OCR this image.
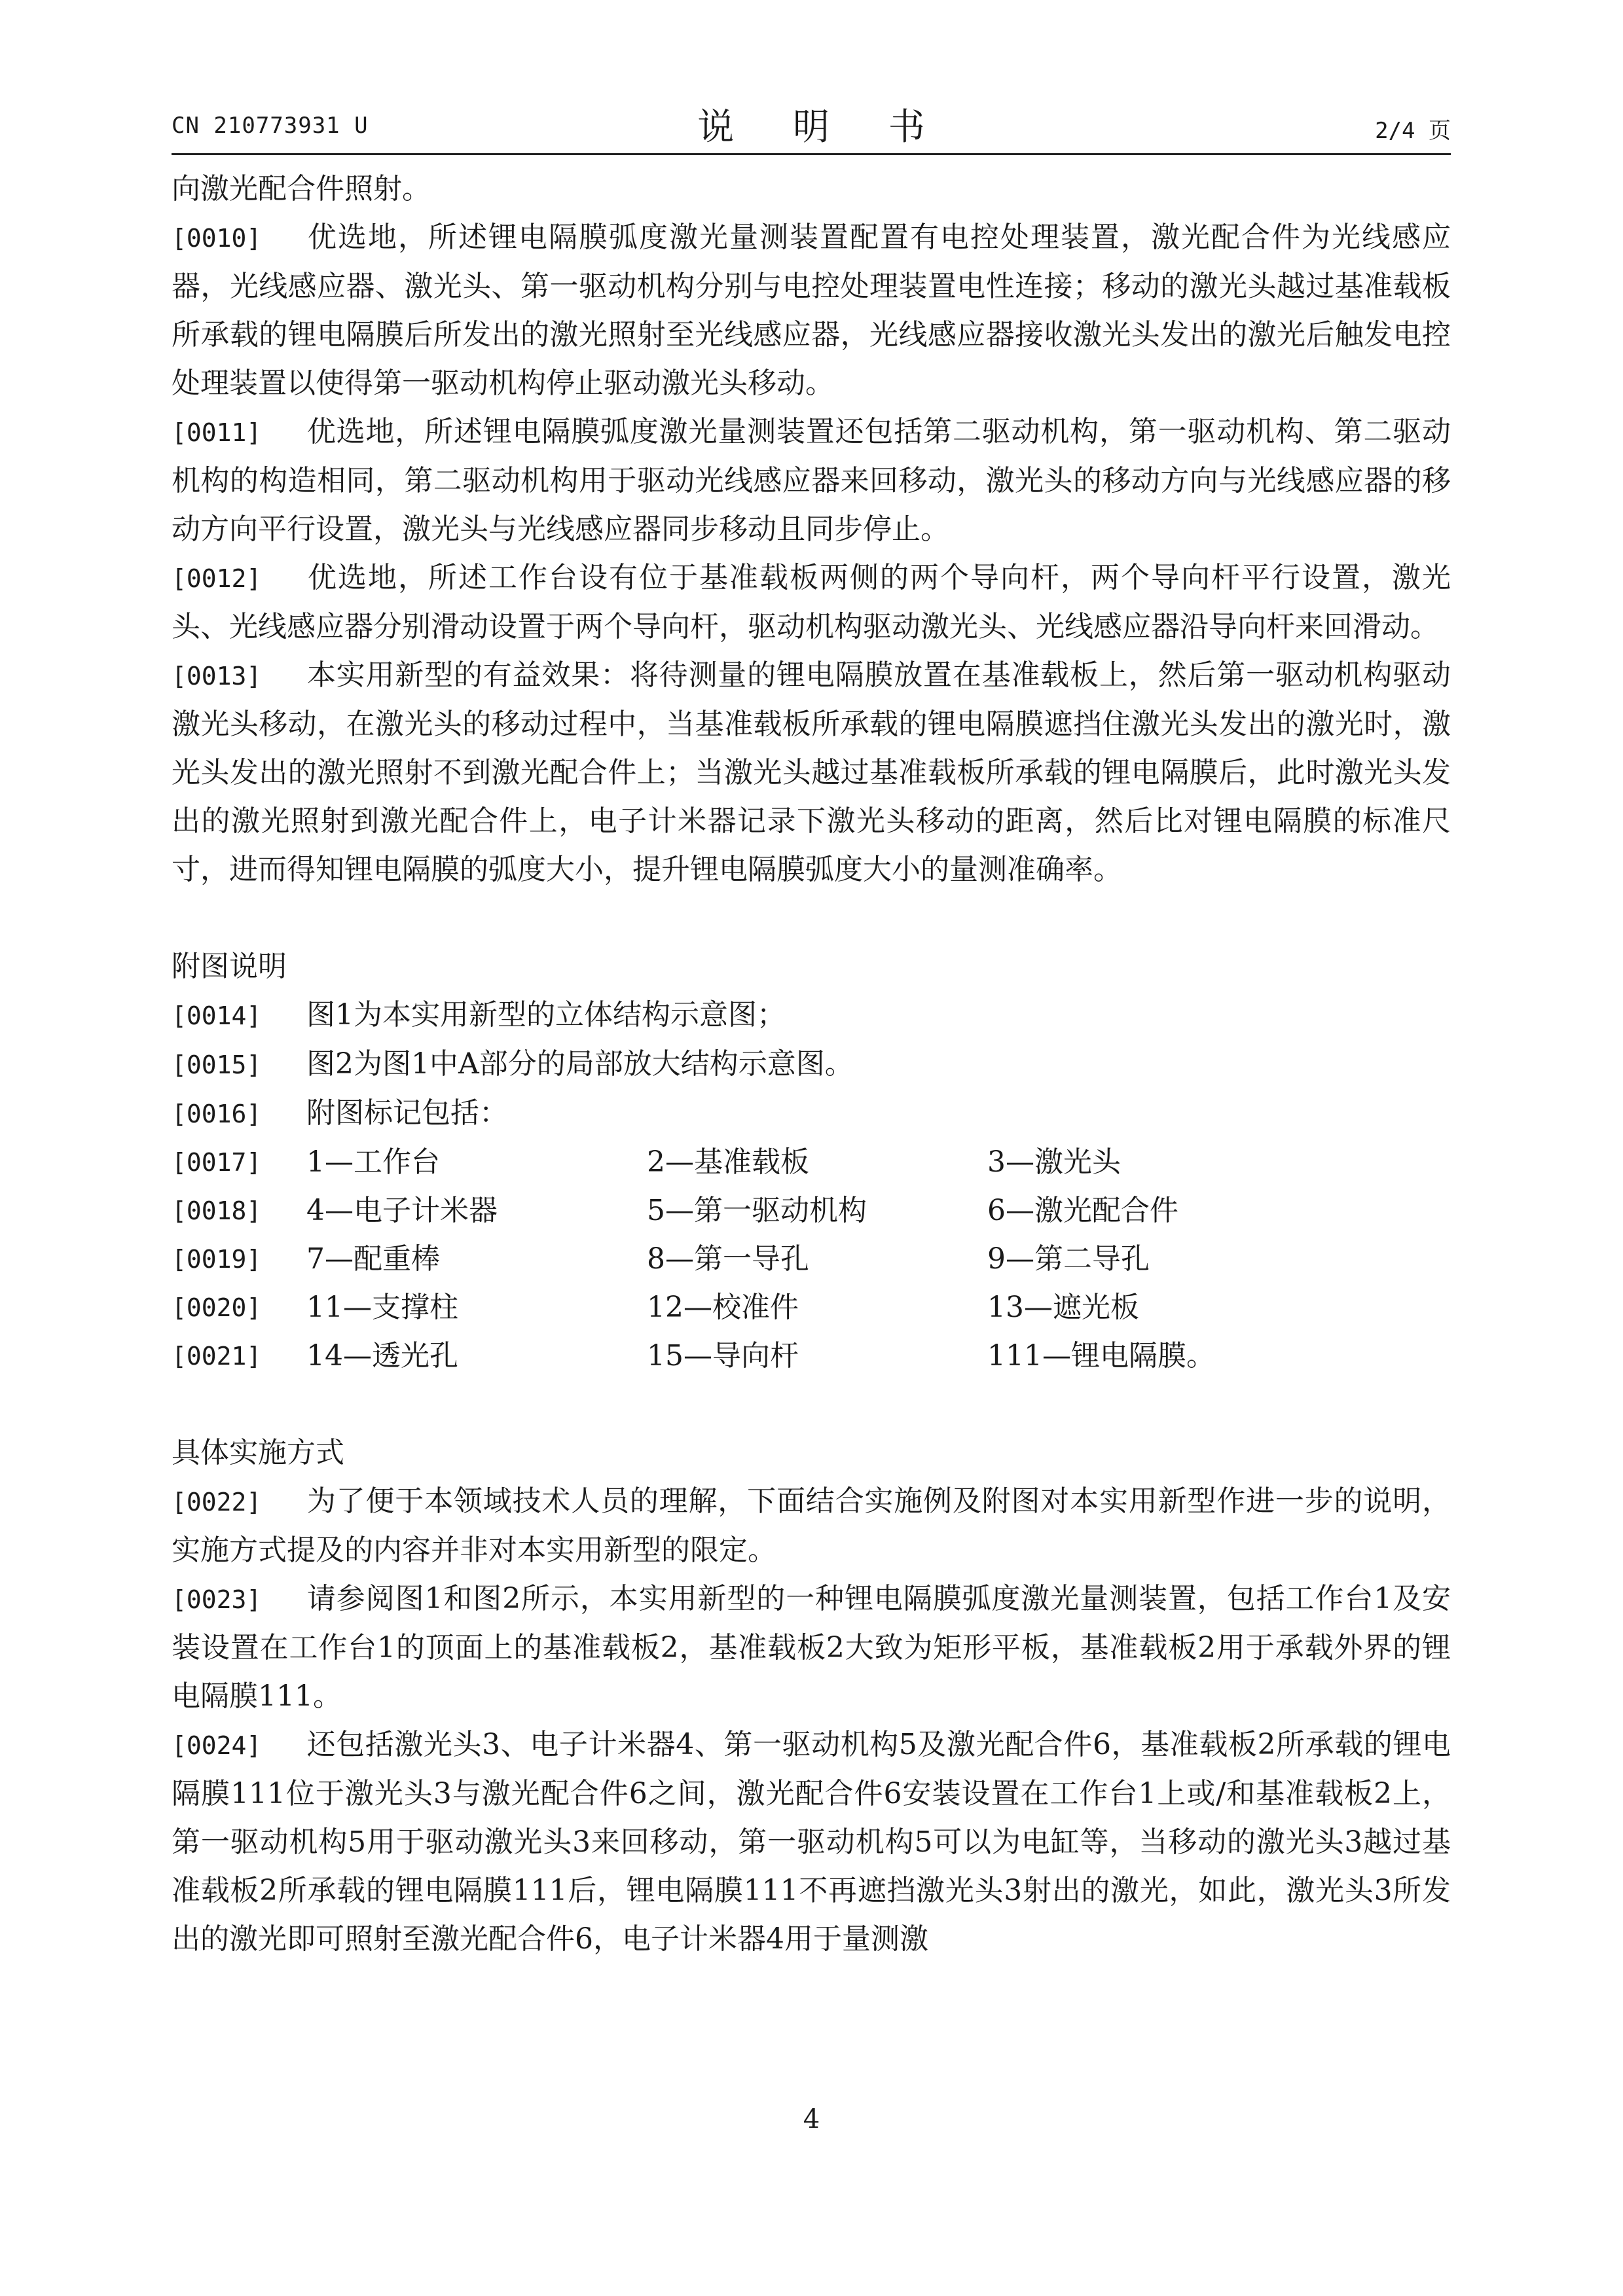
CN 210773931 U	说 明 书	2/4 页

向激光配合件照射。

[0010] 优选地，所述锂电隔膜弧度激光量测装置配置有电控处理装置，激光配合件为光线感应器，光线感应器、激光头、第一驱动机构分别与电控处理装置电性连接；移动的激光头越过基准载板所承载的锂电隔膜后所发出的激光照射至光线感应器，光线感应器接收激光头发出的激光后触发电控处理装置以使得第一驱动机构停止驱动激光头移动。

[0011] 优选地，所述锂电隔膜弧度激光量测装置还包括第二驱动机构，第一驱动机构、第二驱动机构的构造相同，第二驱动机构用于驱动光线感应器来回移动，激光头的移动方向与光线感应器的移动方向平行设置，激光头与光线感应器同步移动且同步停止。

[0012] 优选地，所述工作台设有位于基准载板两侧的两个导向杆，两个导向杆平行设置，激光头、光线感应器分别滑动设置于两个导向杆，驱动机构驱动激光头、光线感应器沿导向杆来回滑动。

[0013] 本实用新型的有益效果：将待测量的锂电隔膜放置在基准载板上，然后第一驱动机构驱动激光头移动，在激光头的移动过程中，当基准载板所承载的锂电隔膜遮挡住激光头发出的激光时，激光头发出的激光照射不到激光配合件上；当激光头越过基准载板所承载的锂电隔膜后，此时激光头发出的激光照射到激光配合件上，电子计米器记录下激光头移动的距离，然后比对锂电隔膜的标准尺寸，进而得知锂电隔膜的弧度大小，提升锂电隔膜弧度大小的量测准确率。

附图说明

[0014] 图1为本实用新型的立体结构示意图；

[0015] 图2为图1中A部分的局部放大结构示意图。

[0016] 附图标记包括：

[0017]	1—工作台	2—基准载板	3—激光头
[0018]	4—电子计米器	5—第一驱动机构	6—激光配合件
[0019]	7—配重棒	8—第一导孔	9—第二导孔
[0020]	11—支撑柱	12—校准件	13—遮光板
[0021]	14—透光孔	15—导向杆	111—锂电隔膜。
具体实施方式

[0022] 为了便于本领域技术人员的理解，下面结合实施例及附图对本实用新型作进一步的说明，实施方式提及的内容并非对本实用新型的限定。

[0023] 请参阅图1和图2所示，本实用新型的一种锂电隔膜弧度激光量测装置，包括工作台1及安装设置在工作台1的顶面上的基准载板2，基准载板2大致为矩形平板，基准载板2用于承载外界的锂电隔膜111。

[0024] 还包括激光头3、电子计米器4、第一驱动机构5及激光配合件6，基准载板2所承载的锂电隔膜111位于激光头3与激光配合件6之间，激光配合件6安装设置在工作台1上或/和基准载板2上，第一驱动机构5用于驱动激光头3来回移动，第一驱动机构5可以为电缸等，当移动的激光头3越过基准载板2所承载的锂电隔膜111后，锂电隔膜111不再遮挡激光头3射出的激光，如此，激光头3所发出的激光即可照射至激光配合件6，电子计米器4用于量测激

4
